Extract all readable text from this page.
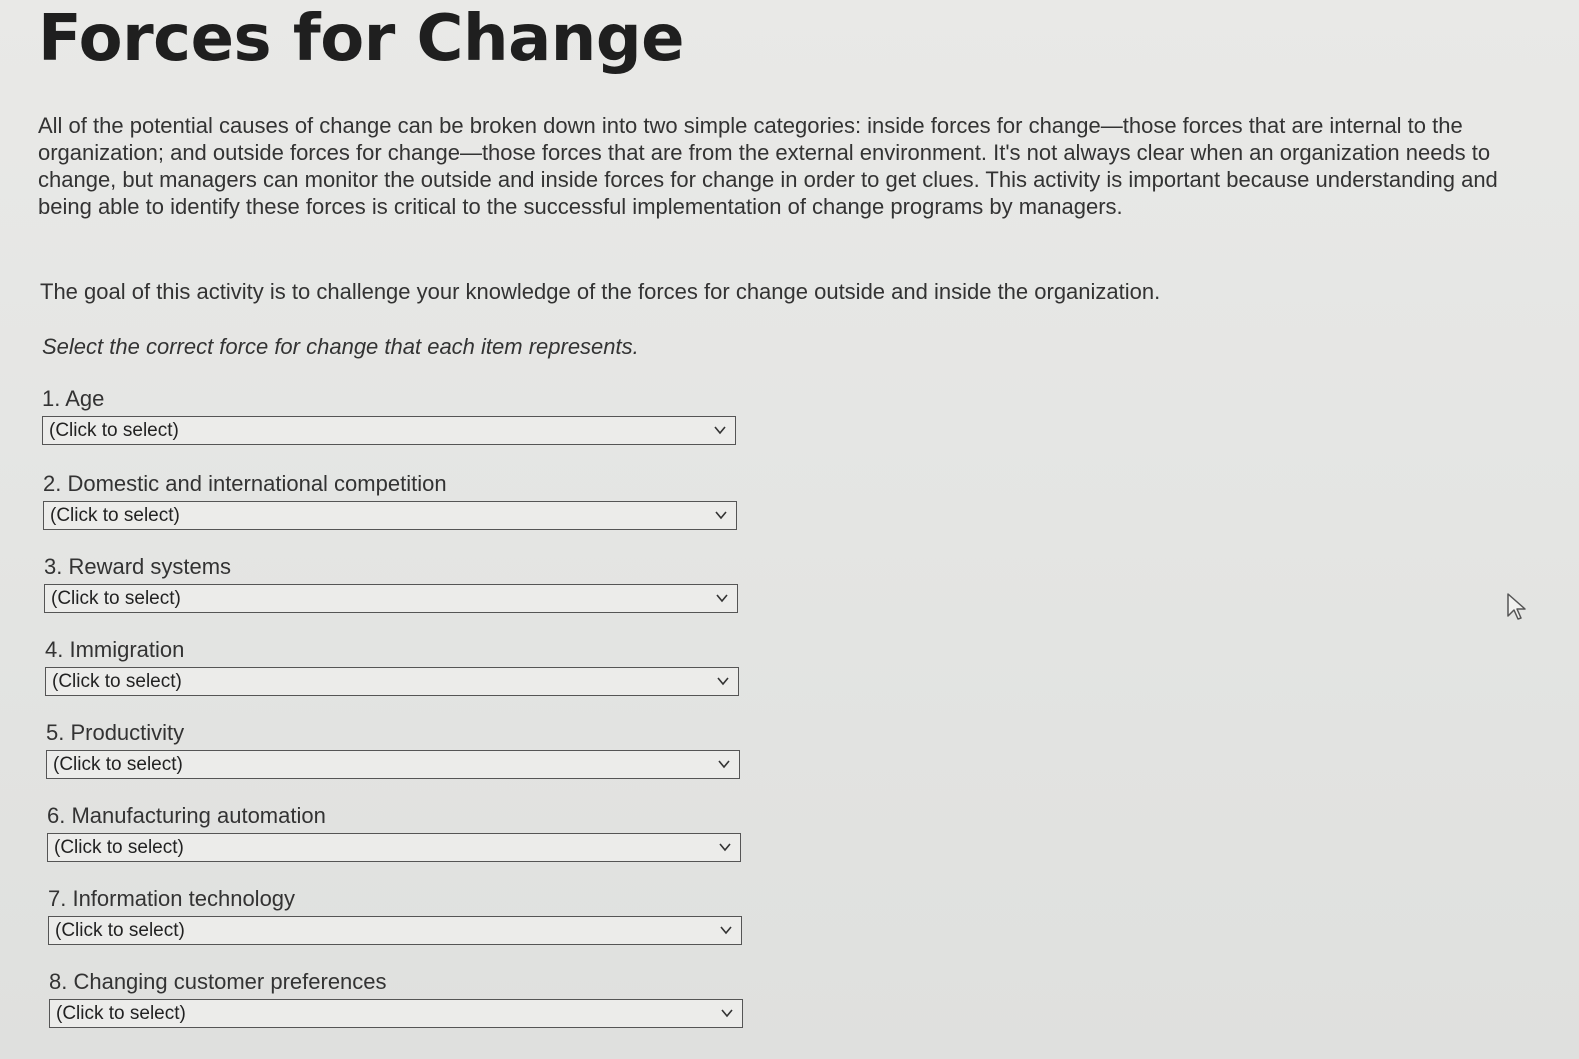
Forces for Change

All of the potential causes of change can be broken down into two simple categories: inside forces for change—those forces that are internal to the organization; and outside forces for change—those forces that are from the external environment. It's not always clear when an organization needs to change, but managers can monitor the outside and inside forces for change in order to get clues. This activity is important because understanding and being able to identify these forces is critical to the successful implementation of change programs by managers.

The goal of this activity is to challenge your knowledge of the forces for change outside and inside the organization.

Select the correct force for change that each item represents.

1. Age
(Click to select)
2. Domestic and international competition
(Click to select)
3. Reward systems
(Click to select)
4. Immigration
(Click to select)
5. Productivity
(Click to select)
6. Manufacturing automation
(Click to select)
7. Information technology
(Click to select)
8. Changing customer preferences
(Click to select)
